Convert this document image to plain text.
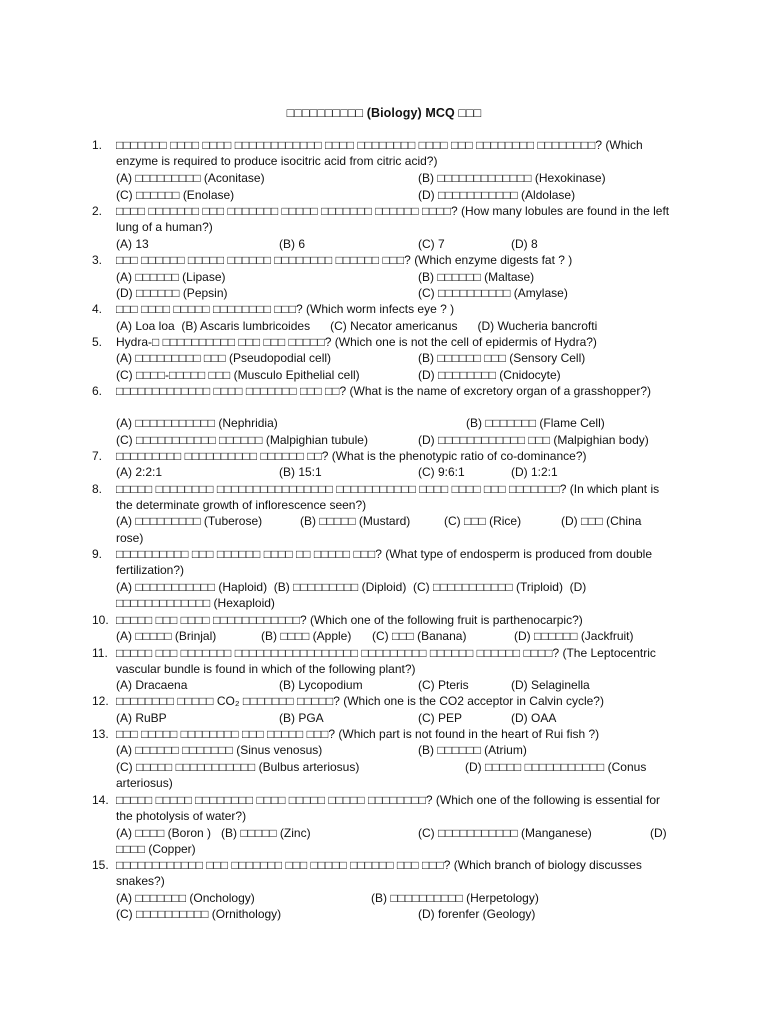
□□□□□□□□□□ (Biology) MCQ □□□
1. □□□□□□□ □□□□ □□□□ □□□□□□□□□□□□ □□□□ □□□□□□□□ □□□□ □□□ □□□□□□□□ □□□□□□□□? (Which enzyme is required to produce isocitric acid from citric acid?)
(A) □□□□□□□□□ (Aconitase)	(B) □□□□□□□□□□□□□ (Hexokinase)
(C) □□□□□□ (Enolase)	(D) □□□□□□□□□□□ (Aldolase)
2. □□□□ □□□□□□□ □□□ □□□□□□□ □□□□□ □□□□□□□ □□□□□□ □□□□? (How many lobules are found in the left lung of a human?)
(A) 13	(B) 6	(C) 7	(D) 8
3. □□□ □□□□□□ □□□□□ □□□□□□ □□□□□□□□ □□□□□□ □□□? (Which enzyme digests fat ? )
(A) □□□□□□ (Lipase)	(B) □□□□□□ (Maltase)
(D) □□□□□□ (Pepsin)	(C) □□□□□□□□□□ (Amylase)
4. □□□ □□□□ □□□□□ □□□□□□□□ □□□? (Which worm infects eye ? )
(A) Loa loa  (B) Ascaris lumbricoides      (C) Necator americanus      (D) Wucheria bancrofti
5. Hydra-□ □□□□□□□□□□ □□□ □□□ □□□□□? (Which one is not the cell of epidermis of Hydra?)
(A) □□□□□□□□□ □□□ (Pseudopodial cell)	(B) □□□□□□ □□□ (Sensory Cell)
(C) □□□□-□□□□□ □□□ (Musculo Epithelial cell)	(D) □□□□□□□□ (Cnidocyte)
6. □□□□□□□□□□□□□ □□□□ □□□□□□□ □□□ □□? (What is the name of excretory organ of a grasshopper?)
(A) □□□□□□□□□□□ (Nephridia)	(B) □□□□□□□ (Flame Cell)
(C) □□□□□□□□□□□ □□□□□□ (Malpighian tubule)	(D) □□□□□□□□□□□□ □□□ (Malpighian body)
7. □□□□□□□□□ □□□□□□□□□□ □□□□□□ □□? (What is the phenotypic ratio of co-dominance?)
(A) 2:2:1	(B) 15:1	(C) 9:6:1	(D) 1:2:1
8. □□□□□ □□□□□□□□ □□□□□□□□□□□□□□□□ □□□□□□□□□□□ □□□□ □□□□ □□□ □□□□□□□? (In which plant is the determinate growth of inflorescence seen?)
(A) □□□□□□□□□ (Tuberose)	(B) □□□□□ (Mustard)	(C) □□□ (Rice)	(D) □□□ (China
rose)
9. □□□□□□□□□□ □□□ □□□□□□ □□□□ □□ □□□□□ □□□? (What type of endosperm is produced from double fertilization?)
(A) □□□□□□□□□□□ (Haploid)  (B) □□□□□□□□□ (Diploid)  (C) □□□□□□□□□□□ (Triploid)  (D)
□□□□□□□□□□□□□ (Hexaploid)
10. □□□□□ □□□ □□□□ □□□□□□□□□□□□? (Which one of the following fruit is parthenocarpic?)
(A) □□□□□ (Brinjal)	(B) □□□□ (Apple) (C) □□□ (Banana)	(D) □□□□□□ (Jackfruit)
11. □□□□□ □□□ □□□□□□□ □□□□□□□□□□□□□□□□□ □□□□□□□□□ □□□□□□ □□□□□□ □□□□? (The Leptocentric vascular bundle is found in which of the following plant?)
(A) Dracaena	(B) Lycopodium	(C) Pteris	(D) Selaginella
12. □□□□□□□□ □□□□□ CO₂ □□□□□□□ □□□□□? (Which one is the CO2 acceptor in Calvin cycle?)
(A) RuBP	(B) PGA	(C) PEP	(D) OAA
13. □□□ □□□□□ □□□□□□□□ □□□ □□□□□ □□□? (Which part is not found in the heart of Rui fish ?)
(A) □□□□□□ □□□□□□□ (Sinus venosus)	(B) □□□□□□ (Atrium)
(C) □□□□□ □□□□□□□□□□□ (Bulbus arteriosus)	(D) □□□□□ □□□□□□□□□□□ (Conus
arteriosus)
14. □□□□□ □□□□□ □□□□□□□□ □□□□ □□□□□ □□□□□ □□□□□□□□? (Which one of the following is essential for the photolysis of water?)
(A) □□□□ (Boron )   (B) □□□□□ (Zinc)	(C) □□□□□□□□□□□ (Manganese)	(D)
□□□□ (Copper)
15. □□□□□□□□□□□□ □□□ □□□□□□□ □□□ □□□□□ □□□□□□ □□□ □□□? (Which branch of biology discusses snakes?)
(A) □□□□□□□ (Onchology)	(B) □□□□□□□□□□ (Herpetology)
(C) □□□□□□□□□□ (Ornithology)	(D) forenfer (Geology)
